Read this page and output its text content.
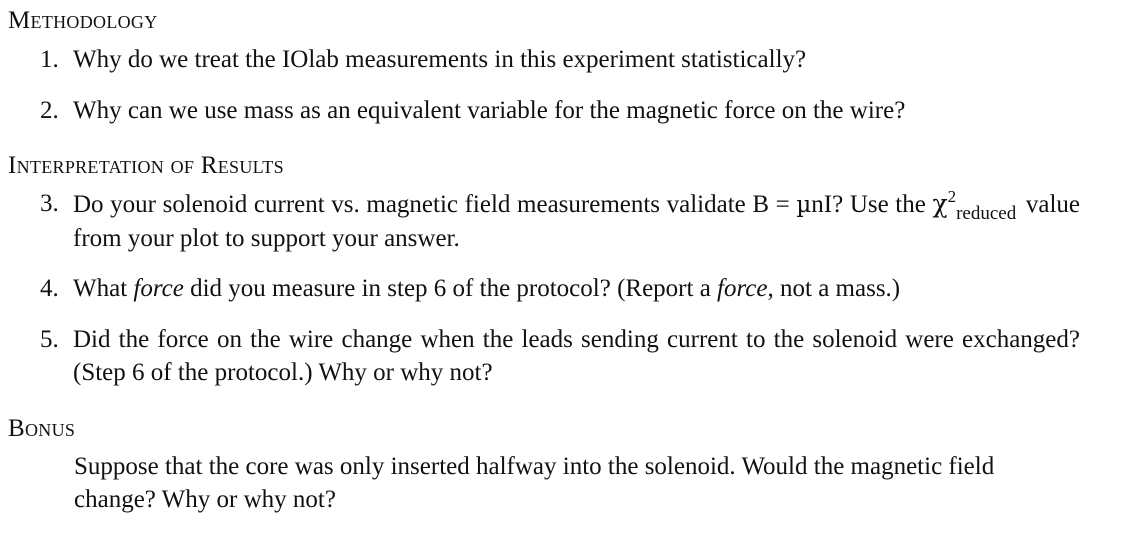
Methodology
1. Why do we treat the IOlab measurements in this experiment statistically?
2. Why can we use mass as an equivalent variable for the magnetic force on the wire?
Interpretation of Results
3. Do your solenoid current vs. magnetic field measurements validate B = µnI? Use the $\chi^2_{reduced}$ value from your plot to support your answer.
4. What force did you measure in step 6 of the protocol? (Report a force, not a mass.)
5. Did the force on the wire change when the leads sending current to the solenoid were exchanged? (Step 6 of the protocol.) Why or why not?
Bonus
Suppose that the core was only inserted halfway into the solenoid. Would the magnetic field change? Why or why not?
